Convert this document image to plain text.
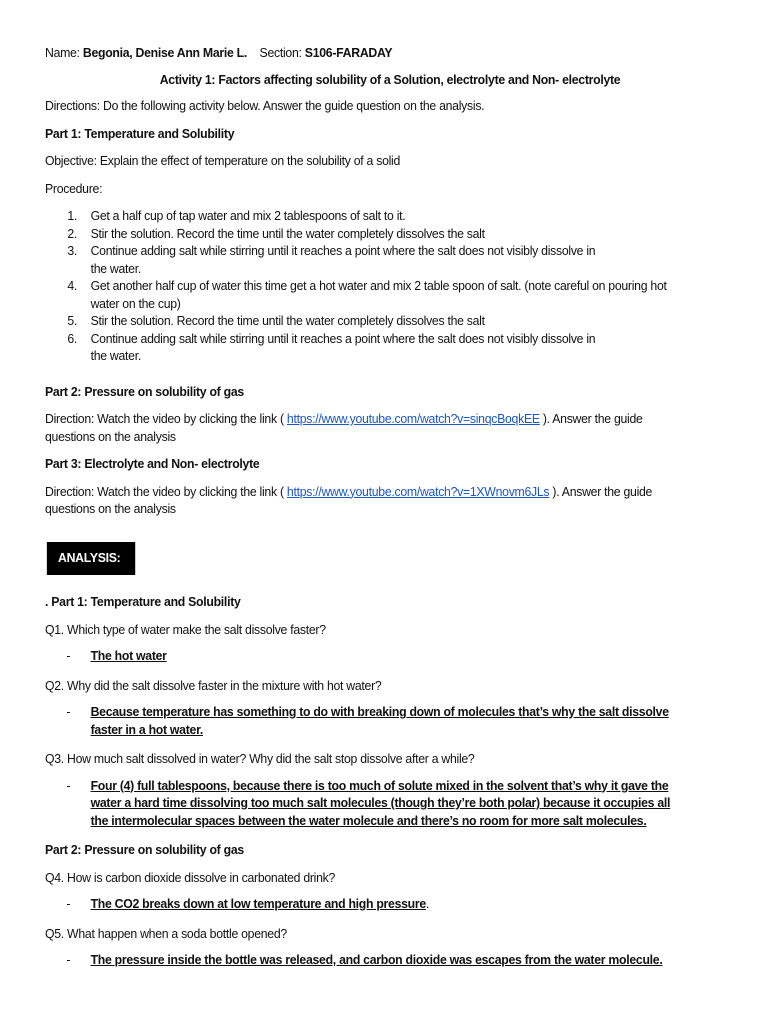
Name: Begonia, Denise Ann Marie L. Section: S106-FARADAY

Activity 1: Factors affecting solubility of a Solution, electrolyte and Non- electrolyte

Directions: Do the following activity below. Answer the guide question on the analysis.

Part 1: Temperature and Solubility

Objective: Explain the effect of temperature on the solubility of a solid

Procedure:

1. Get a half cup of tap water and mix 2 tablespoons of salt to it.
2. Stir the solution. Record the time until the water completely dissolves the salt
3. Continue adding salt while stirring until it reaches a point where the salt does not visibly dissolve in
the water.
4. Get another half cup of water this time get a hot water and mix 2 table spoon of salt. (note careful on pouring hot
water on the cup)
5. Stir the solution. Record the time until the water completely dissolves the salt
6. Continue adding salt while stirring until it reaches a point where the salt does not visibly dissolve in
the water.

Part 2: Pressure on solubility of gas

Direction: Watch the video by clicking the link ( https://www.youtube.com/watch?v=sinqcBoqkEE ). Answer the guide
questions on the analysis

Part 3: Electrolyte and Non- electrolyte

Direction: Watch the video by clicking the link ( https://www.youtube.com/watch?v=1XWnovm6JLs ). Answer the guide
questions on the analysis

ANALYSIS:

. Part 1: Temperature and Solubility

Q1. Which type of water make the salt dissolve faster?

- The hot water

Q2. Why did the salt dissolve faster in the mixture with hot water?

- Because temperature has something to do with breaking down of molecules that’s why the salt dissolve
faster in a hot water.

Q3. How much salt dissolved in water? Why did the salt stop dissolve after a while?

- Four (4) full tablespoons, because there is too much of solute mixed in the solvent that’s why it gave the
water a hard time dissolving too much salt molecules (though they’re both polar) because it occupies all
the intermolecular spaces between the water molecule and there’s no room for more salt molecules.

Part 2: Pressure on solubility of gas

Q4. How is carbon dioxide dissolve in carbonated drink?

- The CO2 breaks down at low temperature and high pressure.

Q5. What happen when a soda bottle opened?

- The pressure inside the bottle was released, and carbon dioxide was escapes from the water molecule.
